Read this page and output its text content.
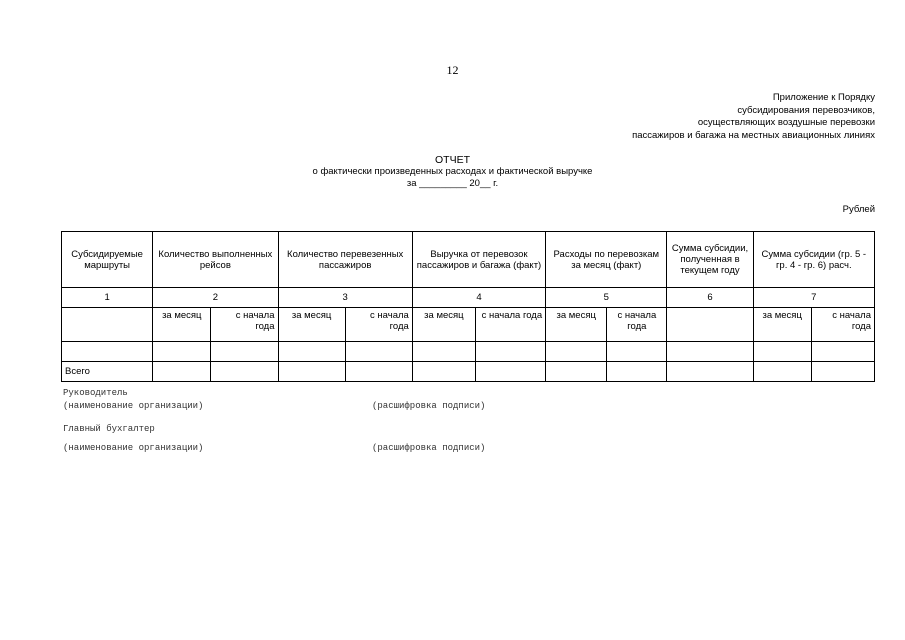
12
Приложение к Порядку
субсидирования перевозчиков,
осуществляющих воздушные перевозки
пассажиров и багажа на местных авиационных линиях
ОТЧЕТ
о фактически произведенных расходах и фактической выручке
за _________ 20__ г.
Рублей
Субсидируемые маршруты	Количество выполненных рейсов		Количество перевезенных пассажиров		Выручка от перевозок пассажиров и багажа (факт)		Расходы по перевозкам за месяц (факт)		Сумма субсидии, полученная в текущем году	Сумма субсидии (гр. 5 - гр. 4 - гр. 6) расч.	
1	2		3		4		5		6	7	
	за месяц	с начала года	за месяц	с начала года	за месяц	с начала года	за месяц	с начала года		за месяц	с начала года

Всего											
Руководитель
(наименование организации)	(расшифровка подписи)
Главный бухгалтер
(наименование организации)	(расшифровка подписи)
